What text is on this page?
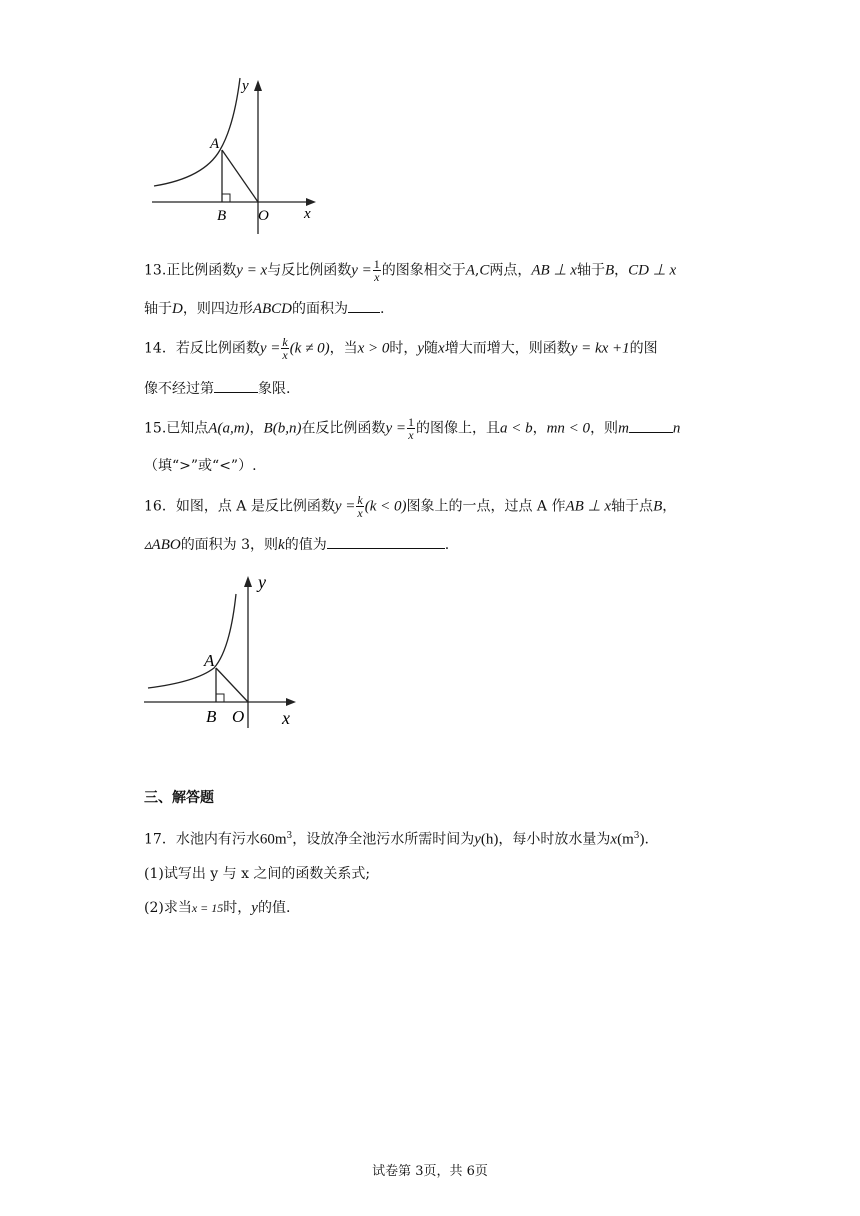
y
A
B O x
13.正比例函数y = x与反比例函数$y = \frac{1}{x}$ 的图象相交于A,C两点，AB ⊥ x轴于B，CD ⊥ x
轴于D，则四边形ABCD的面积为 .
14．若反比例函数$y = \frac{k}{x} (k \ne 0)$，当x > 0时，y随x增大而增大，则函数y = kx +1的图
像不经过第	象限.
15.已知点A(a,m)，B(b,n)在反比例函数$y = \frac{1}{x}$ 的图像上，且a < b，mn < 0，则m	n
（填“>”或“<”）.
16．如图，点 A 是反比例函数$y = \frac{k}{x} (k < 0)$图象上的一点，过点 A 作AB ⊥ x轴于点B，
▵ABO的面积为 3，则k的值为	.
y
A
B O x
三、解答题
17．水池内有污水$60m^3$，设放净全池污水所需时间为y(h)，每小时放水量为$x(m^3)$.
(1)试写出 y 与 x 之间的函数关系式;
(2)求当x = 15时，y的值.
试卷第 3页，共 6页
